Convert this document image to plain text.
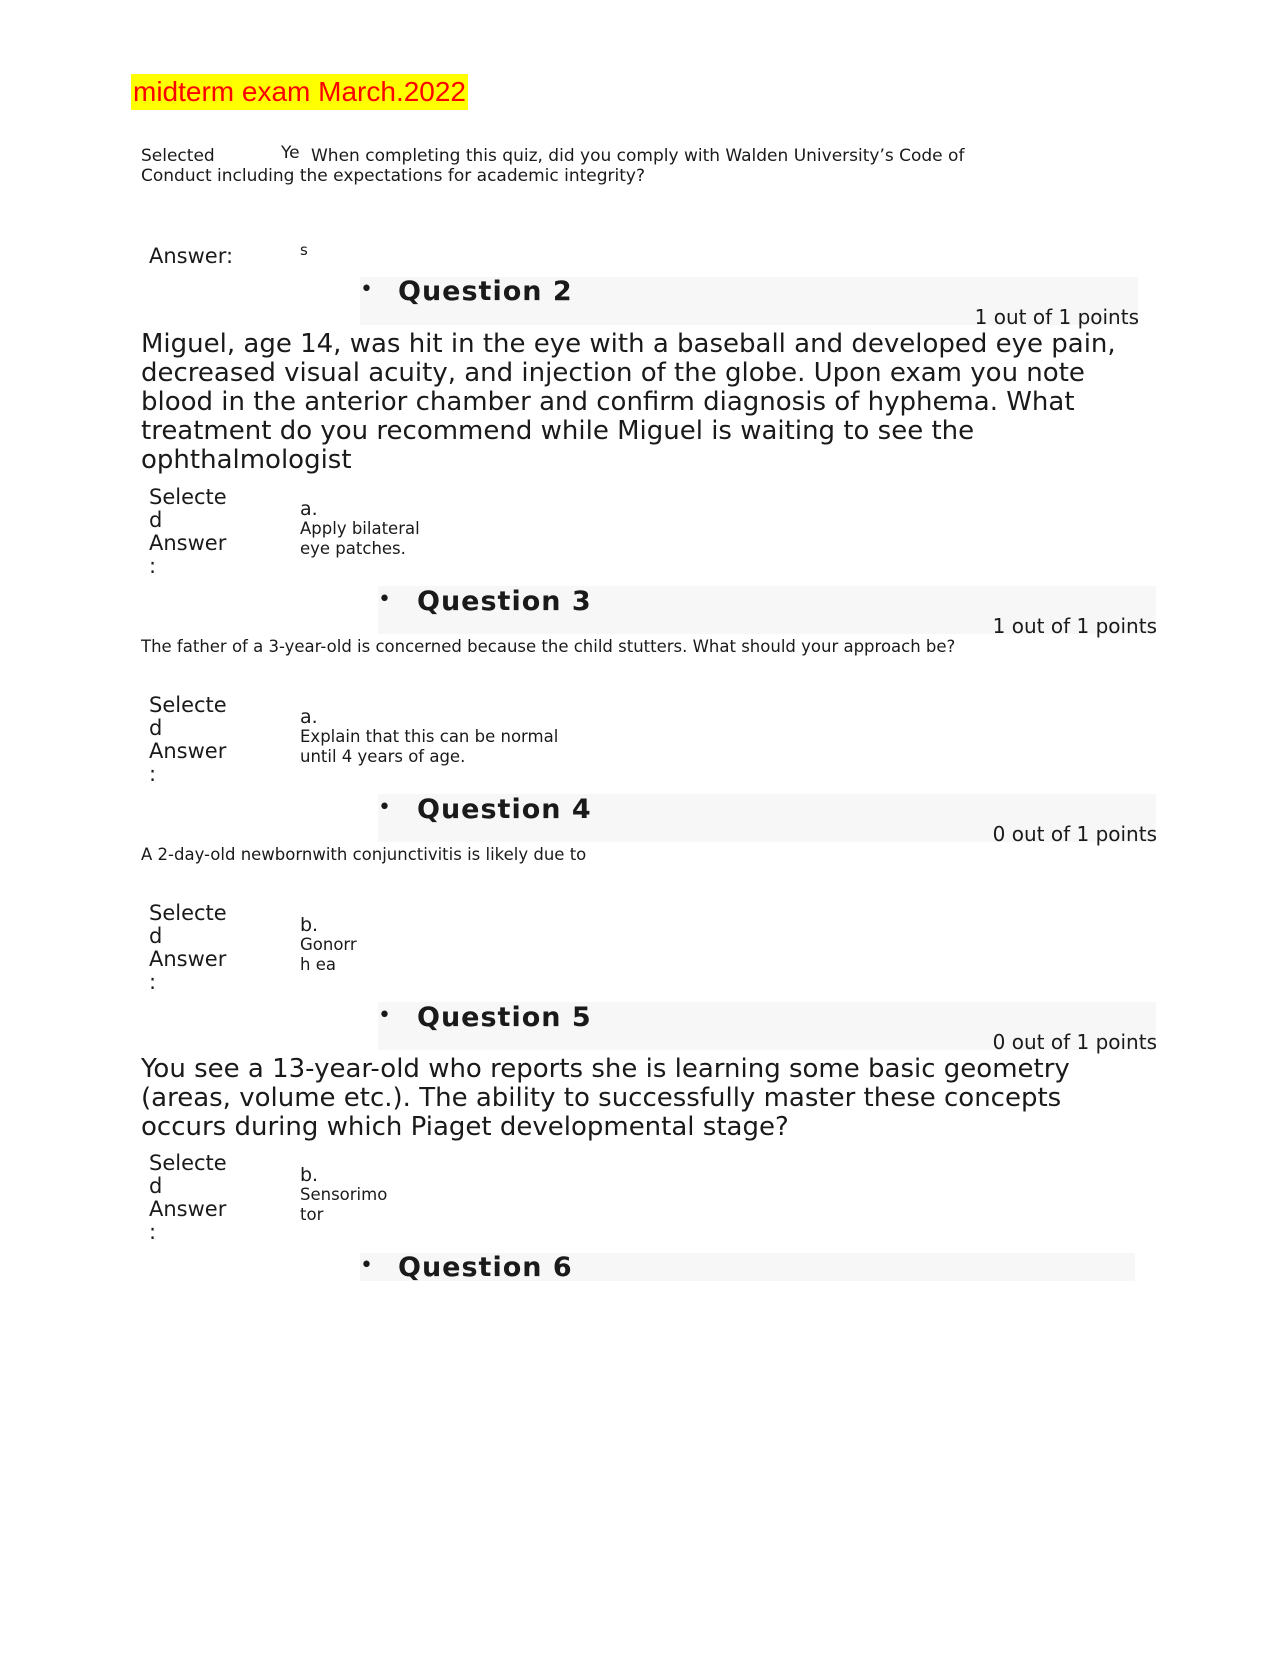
midterm exam March.2022
Selected	Ye When completing this quiz, did you comply with Walden University’s Code of
Conduct including the expectations for academic integrity?
Answer:	s
• Question 2
1 out of 1 points
Miguel, age 14, was hit in the eye with a baseball and developed eye pain, decreased visual acuity, and injection of the globe. Upon exam you note blood in the anterior chamber and confirm diagnosis of hyphema. What treatment do you recommend while Miguel is waiting to see the ophthalmologist
Selecte
d
Answer
:
a.
Apply bilateral
eye patches.
• Question 3
1 out of 1 points
The father of a 3-year-old is concerned because the child stutters. What should your approach be?
Selecte
d
Answer
:
a.
Explain that this can be normal
until 4 years of age.
• Question 4
0 out of 1 points
A 2-day-old newbornwith conjunctivitis is likely due to
Selecte
d
Answer
:
b.
Gonorr
h ea
• Question 5
0 out of 1 points
You see a 13-year-old who reports she is learning some basic geometry (areas, volume etc.). The ability to successfully master these concepts occurs during which Piaget developmental stage?
Selecte
d
Answer
:
b.
Sensorimo
tor
• Question 6
